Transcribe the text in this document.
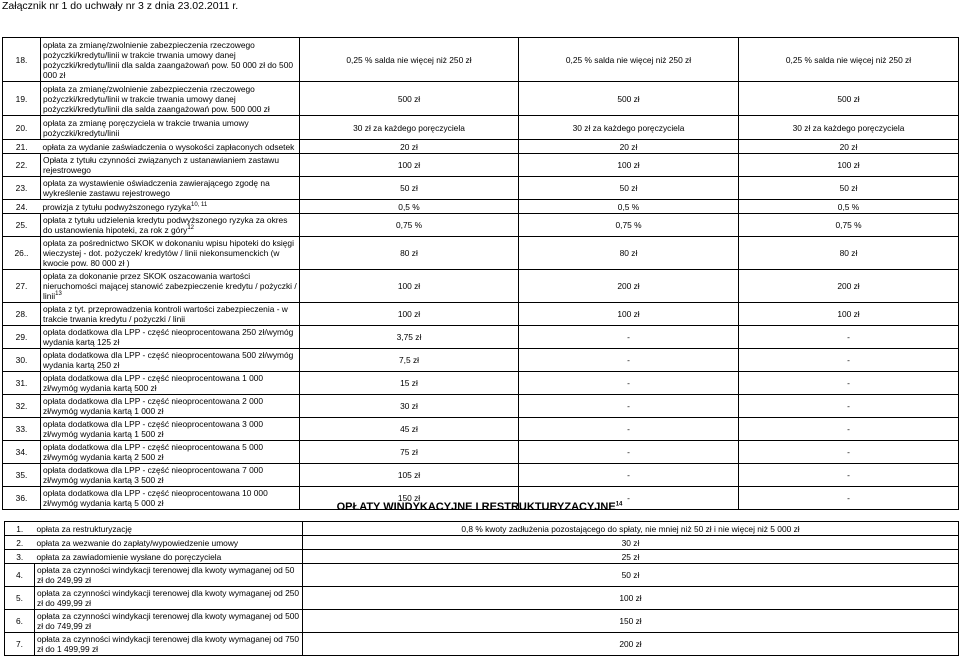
Załącznik nr 1 do uchwały nr 3 z dnia 23.02.2011 r.
18.	opłata za zmianę/zwolnienie zabezpieczenia rzeczowego pożyczki/kredytu/linii w trakcie trwania umowy danej pożyczki/kredytu/linii dla salda zaangażowań pow. 50 000 zł do 500 000 zł	0,25 % salda nie więcej niż 250 zł	0,25 % salda nie więcej niż 250 zł	0,25 % salda nie więcej niż 250 zł
19.	opłata za zmianę/zwolnienie zabezpieczenia rzeczowego pożyczki/kredytu/linii w trakcie trwania umowy danej pożyczki/kredytu/linii dla salda zaangażowań pow. 500 000 zł	500 zł	500 zł	500 zł
20.	opłata za zmianę poręczyciela w trakcie trwania umowy pożyczki/kredytu/linii	30 zł za każdego poręczyciela	30 zł za każdego poręczyciela	30 zł za każdego poręczyciela
21.	opłata za wydanie zaświadczenia o wysokości zapłaconych odsetek	20 zł	20 zł	20 zł
22.	Opłata z tytułu czynności związanych z ustanawianiem zastawu rejestrowego	100 zł	100 zł	100 zł
23.	opłata za wystawienie oświadczenia zawierającego zgodę na wykreślenie zastawu rejestrowego	50 zł	50 zł	50 zł
24.	prowizja z tytułu podwyższonego ryzyka$^{10, 11}$	0,5 %	0,5 %	0,5 %
25.	opłata z tytułu udzielenia kredytu podwyższonego ryzyka za okres do ustanowienia hipoteki, za rok z góry$^{12}$	0,75 %	0,75 %	0,75 %
26..	opłata za pośrednictwo SKOK w dokonaniu wpisu hipoteki do księgi wieczystej - dot. pożyczek/ kredytów / linii niekonsumenckich (w kwocie pow. 80 000 zł )	80 zł	80 zł	80 zł
27.	opłata za dokonanie przez SKOK oszacowania wartości nieruchomości mającej stanowić zabezpieczenie kredytu / pożyczki / linii$^{13}$	100 zł	200 zł	200 zł
28.	opłata z tyt. przeprowadzenia kontroli wartości zabezpieczenia - w trakcie trwania kredytu / pożyczki / linii	100 zł	100 zł	100 zł
29.	opłata dodatkowa dla LPP - część nieoprocentowana 250 zł/wymóg wydania kartą 125 zł	3,75 zł	-	-
30.	opłata dodatkowa dla LPP - część nieoprocentowana 500 zł/wymóg wydania kartą 250 zł	7,5 zł	-	-
31.	opłata dodatkowa dla LPP - część nieoprocentowana 1 000 zł/wymóg wydania kartą 500 zł	15 zł	-	-
32.	opłata dodatkowa dla LPP - część nieoprocentowana 2 000 zł/wymóg wydania kartą 1 000 zł	30 zł	-	-
33.	opłata dodatkowa dla LPP - część nieoprocentowana 3 000 zł/wymóg wydania kartą 1 500 zł	45 zł	-	-
34.	opłata dodatkowa dla LPP - część nieoprocentowana 5 000 zł/wymóg wydania kartą 2 500 zł	75 zł	-	-
35.	opłata dodatkowa dla LPP - część nieoprocentowana 7 000 zł/wymóg wydania kartą 3 500 zł	105 zł	-	-
36.	opłata dodatkowa dla LPP - część nieoprocentowana 10 000 zł/wymóg wydania kartą 5 000 zł	150 zł	-	-
OPŁATY WINDYKACYJNE I RESTRUKTURYZACYJNE$^{14}$
1.	opłata za restrukturyzację	0,8 % kwoty zadłużenia pozostającego do spłaty, nie mniej niż 50 zł i nie więcej niż 5 000 zł
2.	opłata za wezwanie do zapłaty/wypowiedzenie umowy	30 zł
3.	opłata za zawiadomienie wysłane do poręczyciela	25 zł
4.	opłata za czynności windykacji terenowej dla kwoty wymaganej od 50 zł do 249,99 zł	50 zł
5.	opłata za czynności windykacji terenowej dla kwoty wymaganej od 250 zł do 499,99 zł	100 zł
6.	opłata za czynności windykacji terenowej dla kwoty wymaganej od 500 zł do 749,99 zł	150 zł
7.	opłata za czynności windykacji terenowej dla kwoty wymaganej od 750 zł do 1 499,99 zł	200 zł
